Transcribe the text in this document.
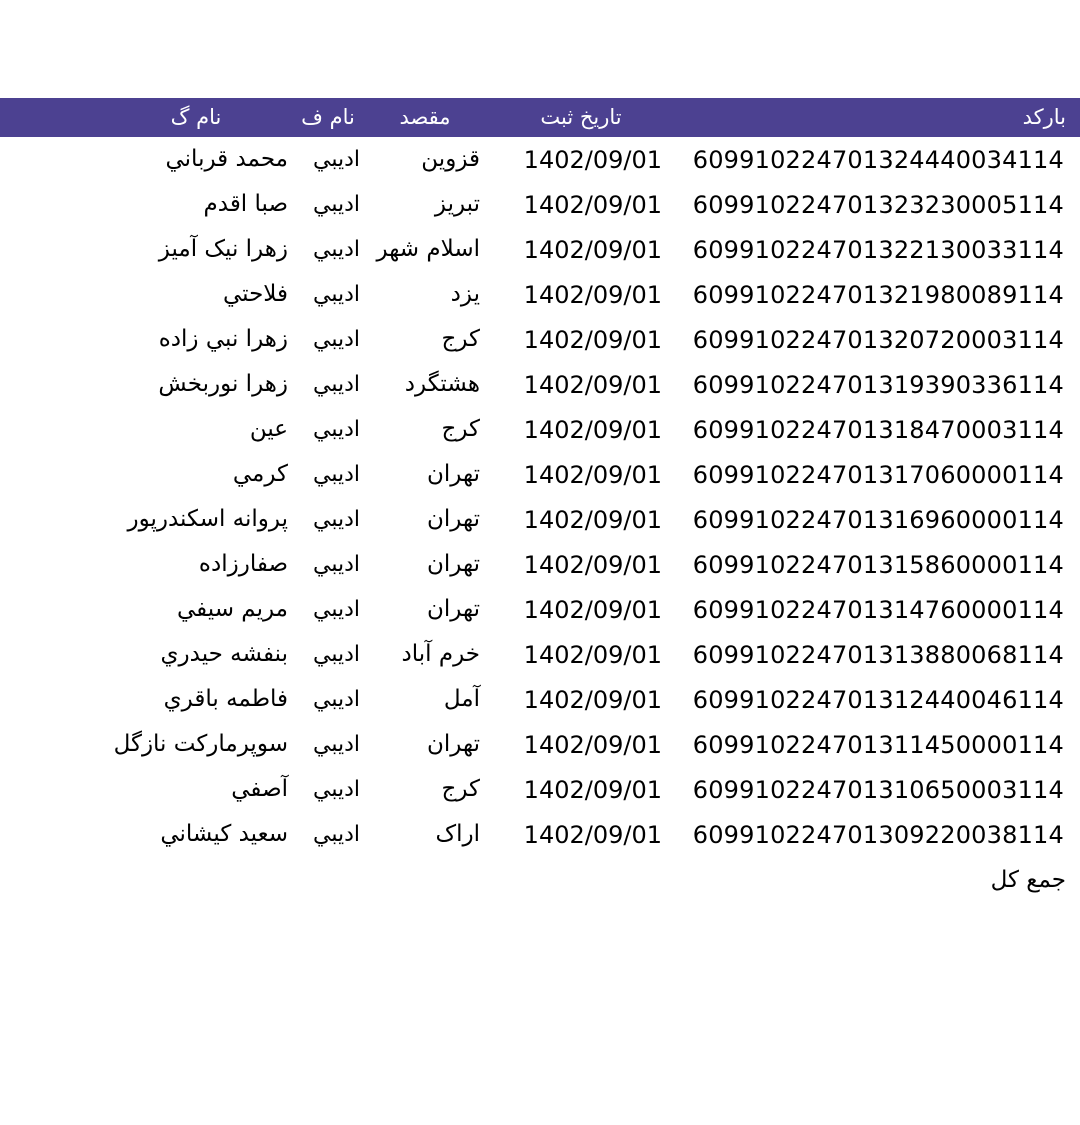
بارکد	تاریخ ثبت	مقصد	نام ف	نام گ	
609910224701324440034114	1402/09/01	قزوین	ادیبي	محمد قرباني	
609910224701323230005114	1402/09/01	تبریز	ادیبي	صبا اقدم	
609910224701322130033114	1402/09/01	اسلام شهر	ادیبي	زهرا نیک آمیز	
609910224701321980089114	1402/09/01	یزد	ادیبي	فلاحتي	
609910224701320720003114	1402/09/01	کرج	ادیبي	زهرا نبي زاده	
609910224701319390336114	1402/09/01	هشتگرد	ادیبي	زهرا نوربخش	
609910224701318470003114	1402/09/01	کرج	ادیبي	عین	
609910224701317060000114	1402/09/01	تهران	ادیبي	کرمي	
609910224701316960000114	1402/09/01	تهران	ادیبي	پروانه اسکندرپور	
609910224701315860000114	1402/09/01	تهران	ادیبي	صفارزاده	
609910224701314760000114	1402/09/01	تهران	ادیبي	مریم سیفي	
609910224701313880068114	1402/09/01	خرم آباد	ادیبي	بنفشه حیدري	
609910224701312440046114	1402/09/01	آمل	ادیبي	فاطمه باقري	
609910224701311450000114	1402/09/01	تهران	ادیبي	سوپرمارکت نازگل	
609910224701310650003114	1402/09/01	کرج	ادیبي	آصفي	
609910224701309220038114	1402/09/01	اراک	ادیبي	سعید کیشاني	
جمع کل					
